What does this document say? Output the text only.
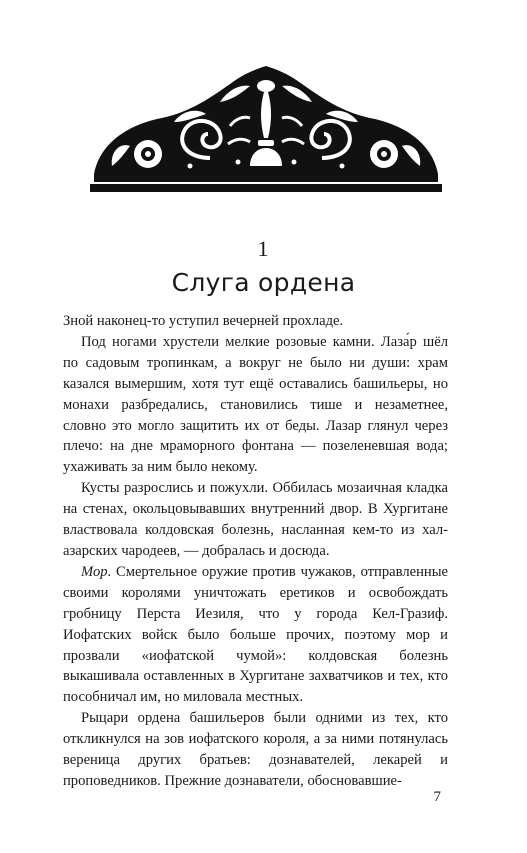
1
Слуга ордена

Зной наконец-то уступил вечерней прохладе.

Под ногами хрустели мелкие розовые камни. Лаза́р шёл по садовым тропинкам, а вокруг не было ни души: храм казался вымершим, хотя тут ещё оставались башильеры, но монахи разбредались, становились тише и незаметнее, словно это могло защитить их от беды. Лазар глянул через плечо: на дне мраморного фонтана — позеленевшая вода; ухаживать за ним было некому.

Кусты разрослись и пожухли. Оббилась мозаичная кладка на стенах, окольцовывавших внутренний двор. В Хургитане властвовала колдовская болезнь, насланная кем-то из хал-азарских чародеев, — добралась и досюда.

Мор. Смертельное оружие против чужаков, отправленные своими королями уничтожать еретиков и освобождать гробницу Перста Иезиля, что у города Кел-Гразиф. Иофатских войск было больше прочих, поэтому мор и прозвали «иофатской чумой»: колдовская болезнь выкашивала оставленных в Хургитане захватчиков и тех, кто пособничал им, но миловала местных.

Рыцари ордена башильеров были одними из тех, кто откликнулся на зов иофатского короля, а за ними потянулась вереница других братьев: дознавателей, лекарей и проповедников. Прежние дознаватели, обосновавшие-

7
